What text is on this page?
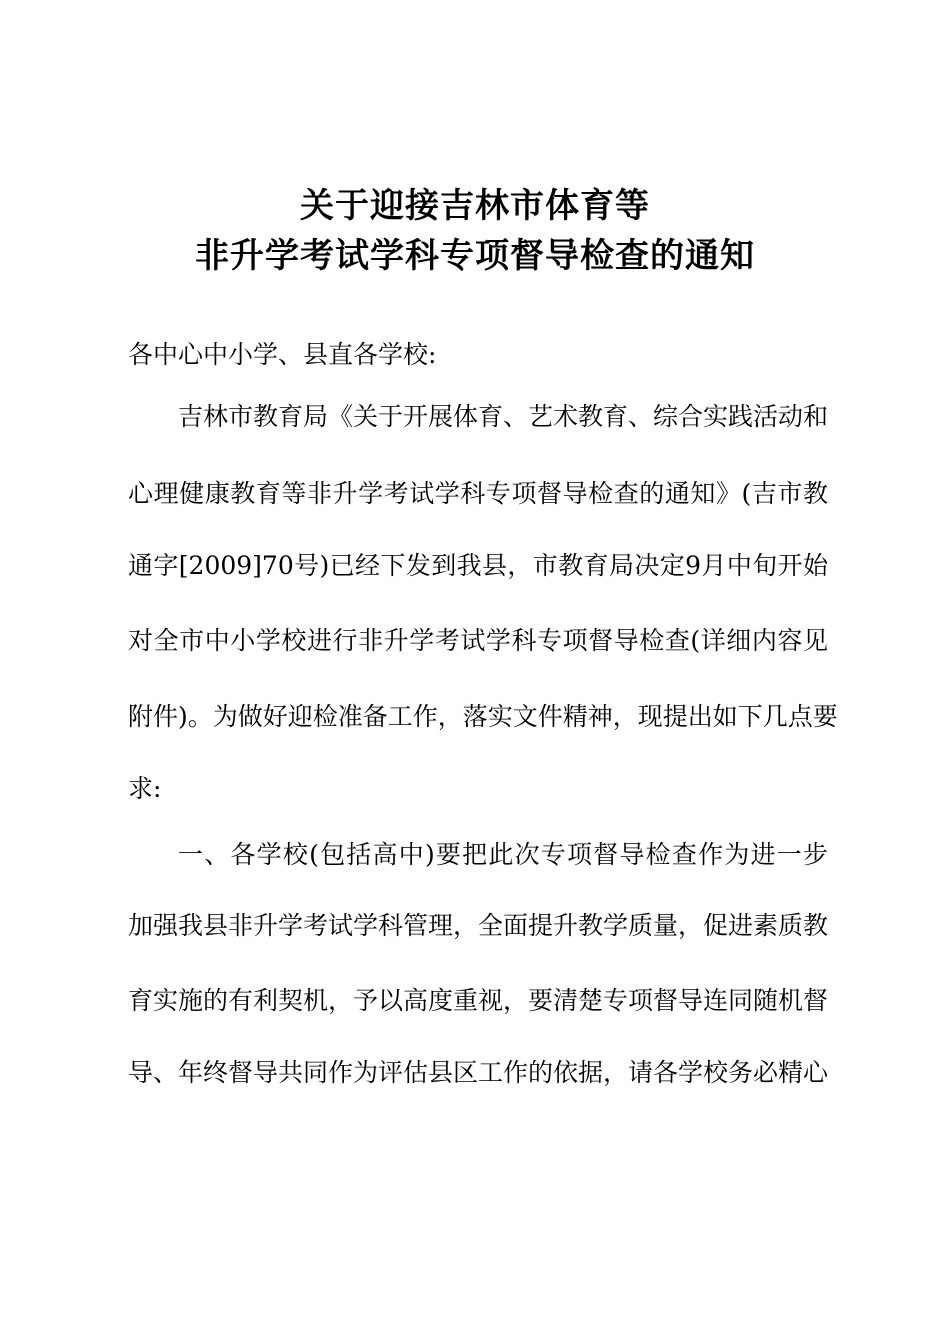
关于迎接吉林市体育等
非升学考试学科专项督导检查的通知

各中心中小学、县直各学校:

吉林市教育局《关于开展体育、艺术教育、综合实践活动和

心理健康教育等非升学考试学科专项督导检查的通知》(吉市教

通字[2009]70号)已经下发到我县，市教育局决定9月中旬开始

对全市中小学校进行非升学考试学科专项督导检查(详细内容见

附件)。为做好迎检准备工作，落实文件精神，现提出如下几点要

求:

一、各学校(包括高中)要把此次专项督导检查作为进一步

加强我县非升学考试学科管理，全面提升教学质量，促进素质教

育实施的有利契机，予以高度重视，要清楚专项督导连同随机督

导、年终督导共同作为评估县区工作的依据，请各学校务必精心
